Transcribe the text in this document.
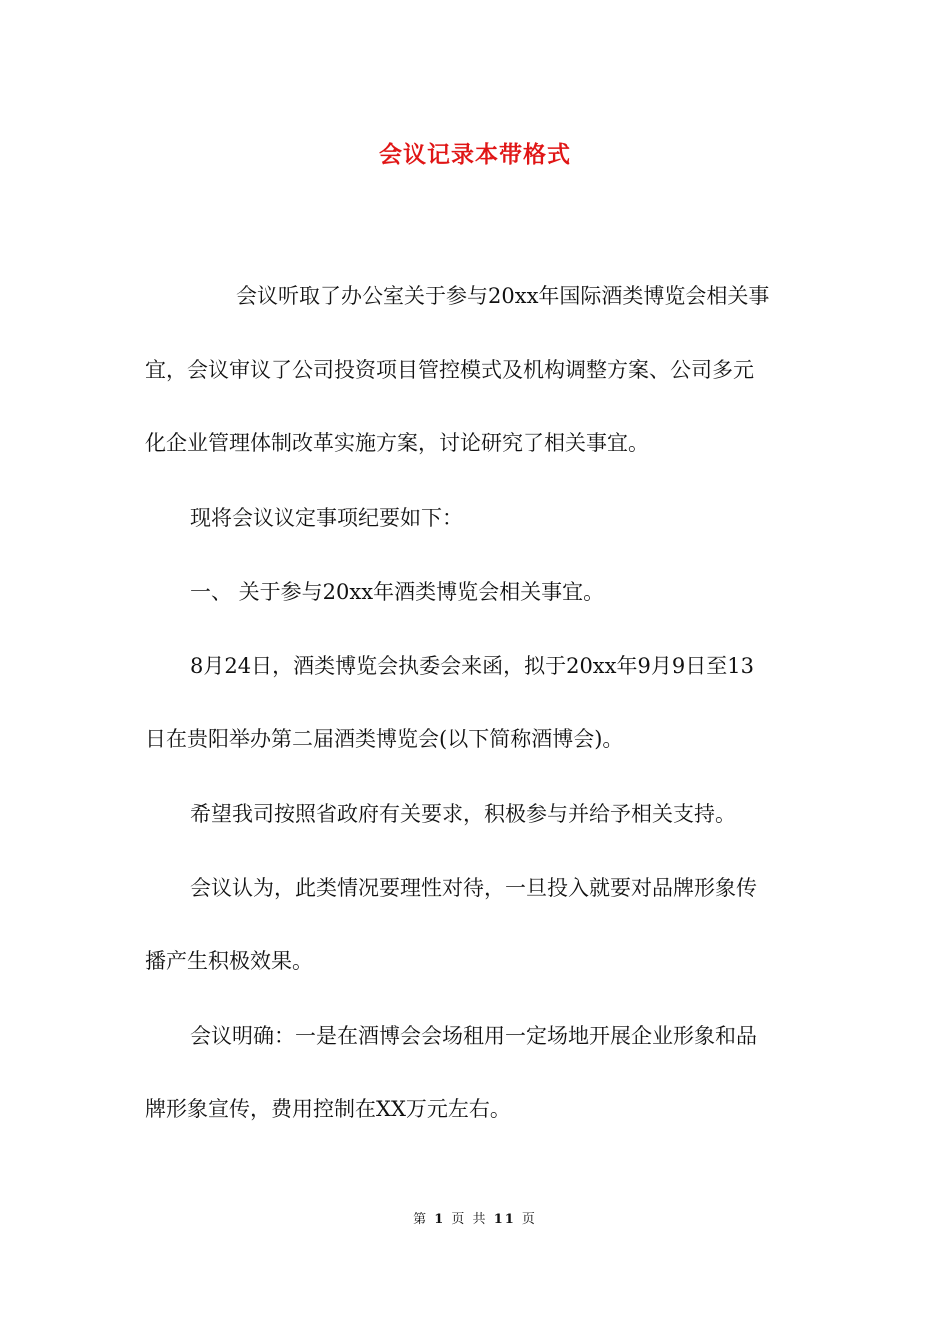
会议记录本带格式
会议听取了办公室关于参与20xx年国际酒类博览会相关事
宜，会议审议了公司投资项目管控模式及机构调整方案、公司多元
化企业管理体制改革实施方案，讨论研究了相关事宜。
现将会议议定事项纪要如下：
一、 关于参与20xx年酒类博览会相关事宜。
8月24日，酒类博览会执委会来函，拟于20xx年9月9日至13
日在贵阳举办第二届酒类博览会(以下简称酒博会)。
希望我司按照省政府有关要求，积极参与并给予相关支持。
会议认为，此类情况要理性对待，一旦投入就要对品牌形象传
播产生积极效果。
会议明确：一是在酒博会会场租用一定场地开展企业形象和品
牌形象宣传，费用控制在XX万元左右。
第 1 页 共 11 页
